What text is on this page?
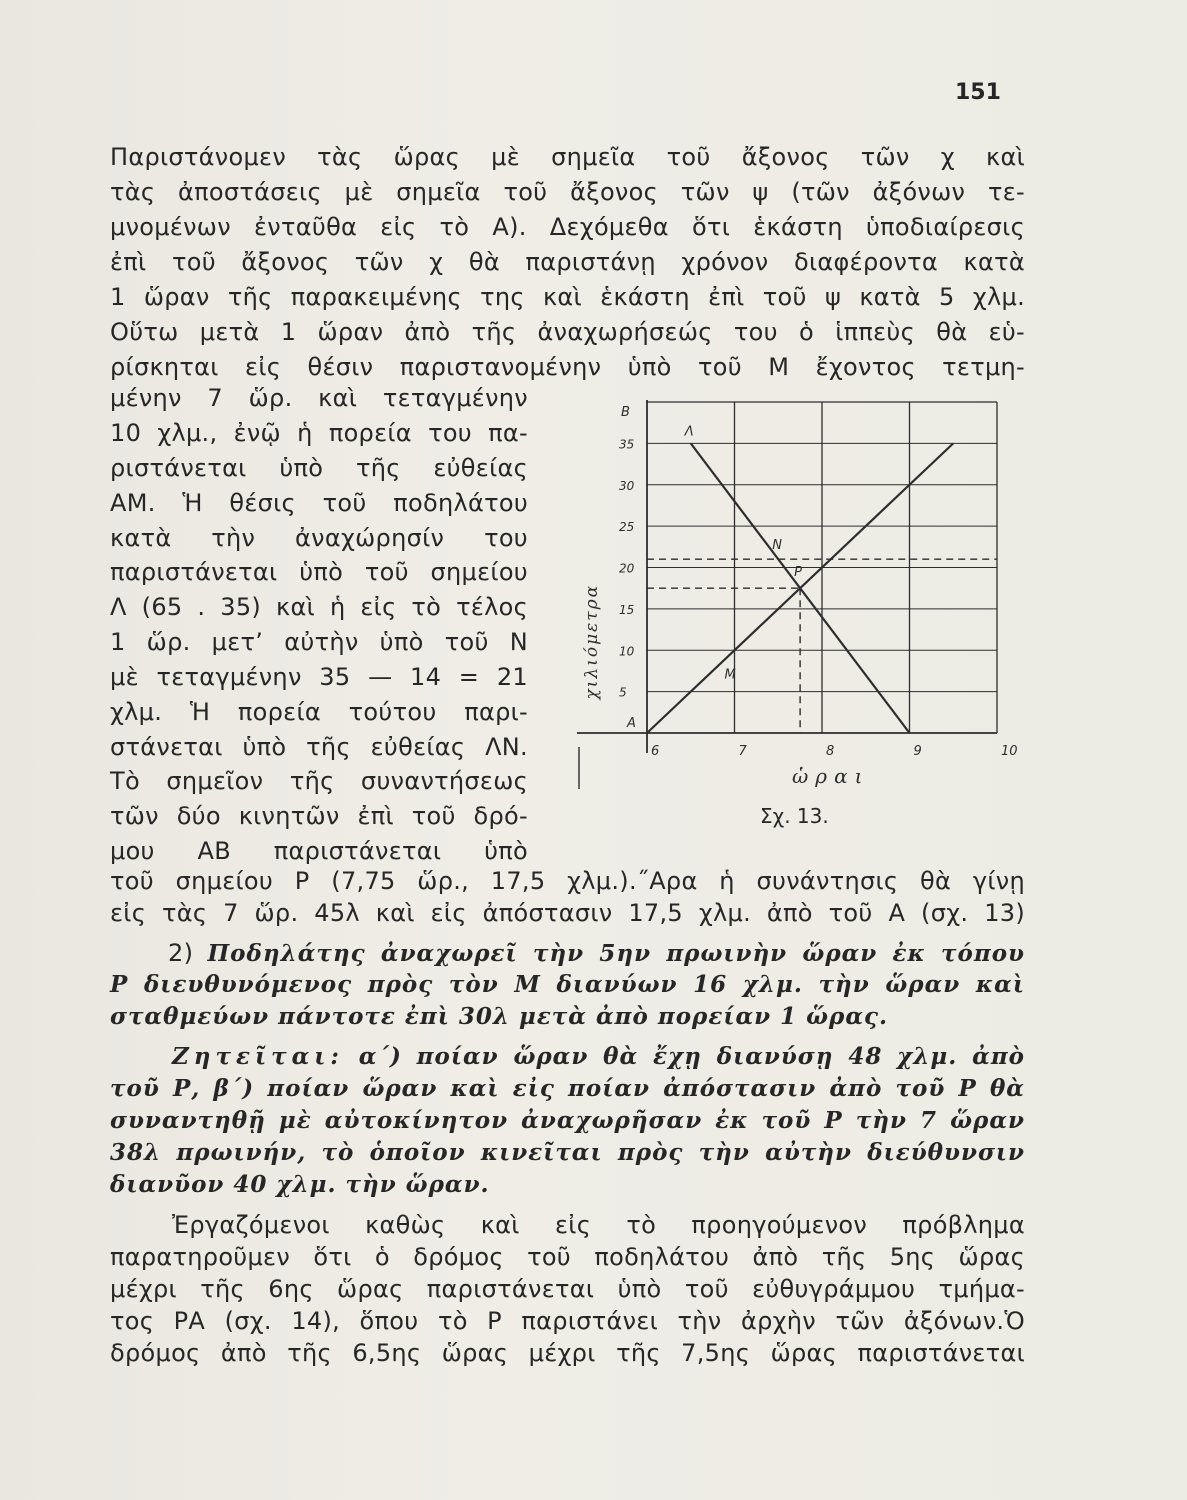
151
Παριστάνομεν τὰς ὥρας μὲ σημεῖα τοῦ ἄξονος τῶν χ καὶ
τὰς ἀποστάσεις μὲ σημεῖα τοῦ ἄξονος τῶν ψ (τῶν ἀξόνων τε-
μνομένων ἐνταῦθα εἰς τὸ Α). Δεχόμεθα ὅτι ἑκάστη ὑποδιαίρεσις
ἐπὶ τοῦ ἄξονος τῶν χ θὰ παριστάνῃ χρόνον διαφέροντα κατὰ
1 ὥραν τῆς παρακειμένης της καὶ ἑκάστη ἐπὶ τοῦ ψ κατὰ 5 χλμ.
Οὕτω μετὰ 1 ὥραν ἀπὸ τῆς ἀναχωρήσεώς του ὁ ἱππεὺς θὰ εὑ-
ρίσκηται εἰς θέσιν παριστανομένην ὑπὸ τοῦ Μ ἔχοντος τετμη-
μένην 7 ὥρ. καὶ τεταγμένην
10 χλμ., ἐνῷ ἡ πορεία του πα-
ριστάνεται ὑπὸ τῆς εὐθείας
ΑΜ. Ἡ θέσις τοῦ ποδηλάτου
κατὰ τὴν ἀναχώρησίν του
παριστάνεται ὑπὸ τοῦ σημείου
Λ (65 . 35) καὶ ἡ εἰς τὸ τέλος
1 ὥρ. μετ’ αὐτὴν ὑπὸ τοῦ Ν
μὲ τεταγμένην 35 — 14 = 21
χλμ. Ἡ πορεία τούτου παρι-
στάνεται ὑπὸ τῆς εὐθείας ΛΝ.
Τὸ σημεῖον τῆς συναντήσεως
τῶν δύο κινητῶν ἐπὶ τοῦ δρό-
μου ΑΒ παριστάνεται ὑπὸ
τοῦ σημείου Ρ (7,75 ὥρ., 17,5 χλμ.).˝Αρα ἡ συνάντησις θὰ γίνῃ
εἰς τὰς 7 ὥρ. 45λ καὶ εἰς ἀπόστασιν 17,5 χλμ. ἀπὸ τοῦ Α (σχ. 13)
2) Ποδηλάτης ἀναχωρεῖ τὴν 5ην πρωινὴν ὥραν ἐκ τόπου
Ρ διευθυνόμενος πρὸς τὸν Μ διανύων 16 χλμ. τὴν ὥραν καὶ
σταθμεύων πάντοτε ἐπὶ 30λ μετὰ ἀπὸ πορείαν 1 ὥρας.
Ζητεῖται: α΄) ποίαν ὥραν θὰ ἔχῃ διανύσῃ 48 χλμ. ἀπὸ
τοῦ Ρ, β΄) ποίαν ὥραν καὶ εἰς ποίαν ἀπόστασιν ἀπὸ τοῦ Ρ θὰ
συναντηθῇ μὲ αὐτοκίνητον ἀναχωρῆσαν ἐκ τοῦ Ρ τὴν 7 ὥραν
38λ πρωινήν, τὸ ὁποῖον κινεῖται πρὸς τὴν αὐτὴν διεύθυνσιν
διανῦον 40 χλμ. τὴν ὥραν.
Ἐργαζόμενοι καθὼς καὶ εἰς τὸ προηγούμενον πρόβλημα
παρατηροῦμεν ὅτι ὁ δρόμος τοῦ ποδηλάτου ἀπὸ τῆς 5ης ὥρας
μέχρι τῆς 6ης ὥρας παριστάνεται ὑπὸ τοῦ εὐθυγράμμου τμήμα-
τος ΡΑ (σχ. 14), ὅπου τὸ Ρ παριστάνει τὴν ἀρχὴν τῶν ἀξόνων.Ὁ
δρόμος ἀπὸ τῆς 6,5ης ὥρας μέχρι τῆς 7,5ης ὥρας παριστάνεται
6	7	8	9	10
5
10
15
20
25
30
35
Β
ὡραι
χιλιόμετρα
Α
Λ
Ν
Μ
Ρ
Σχ. 13.
